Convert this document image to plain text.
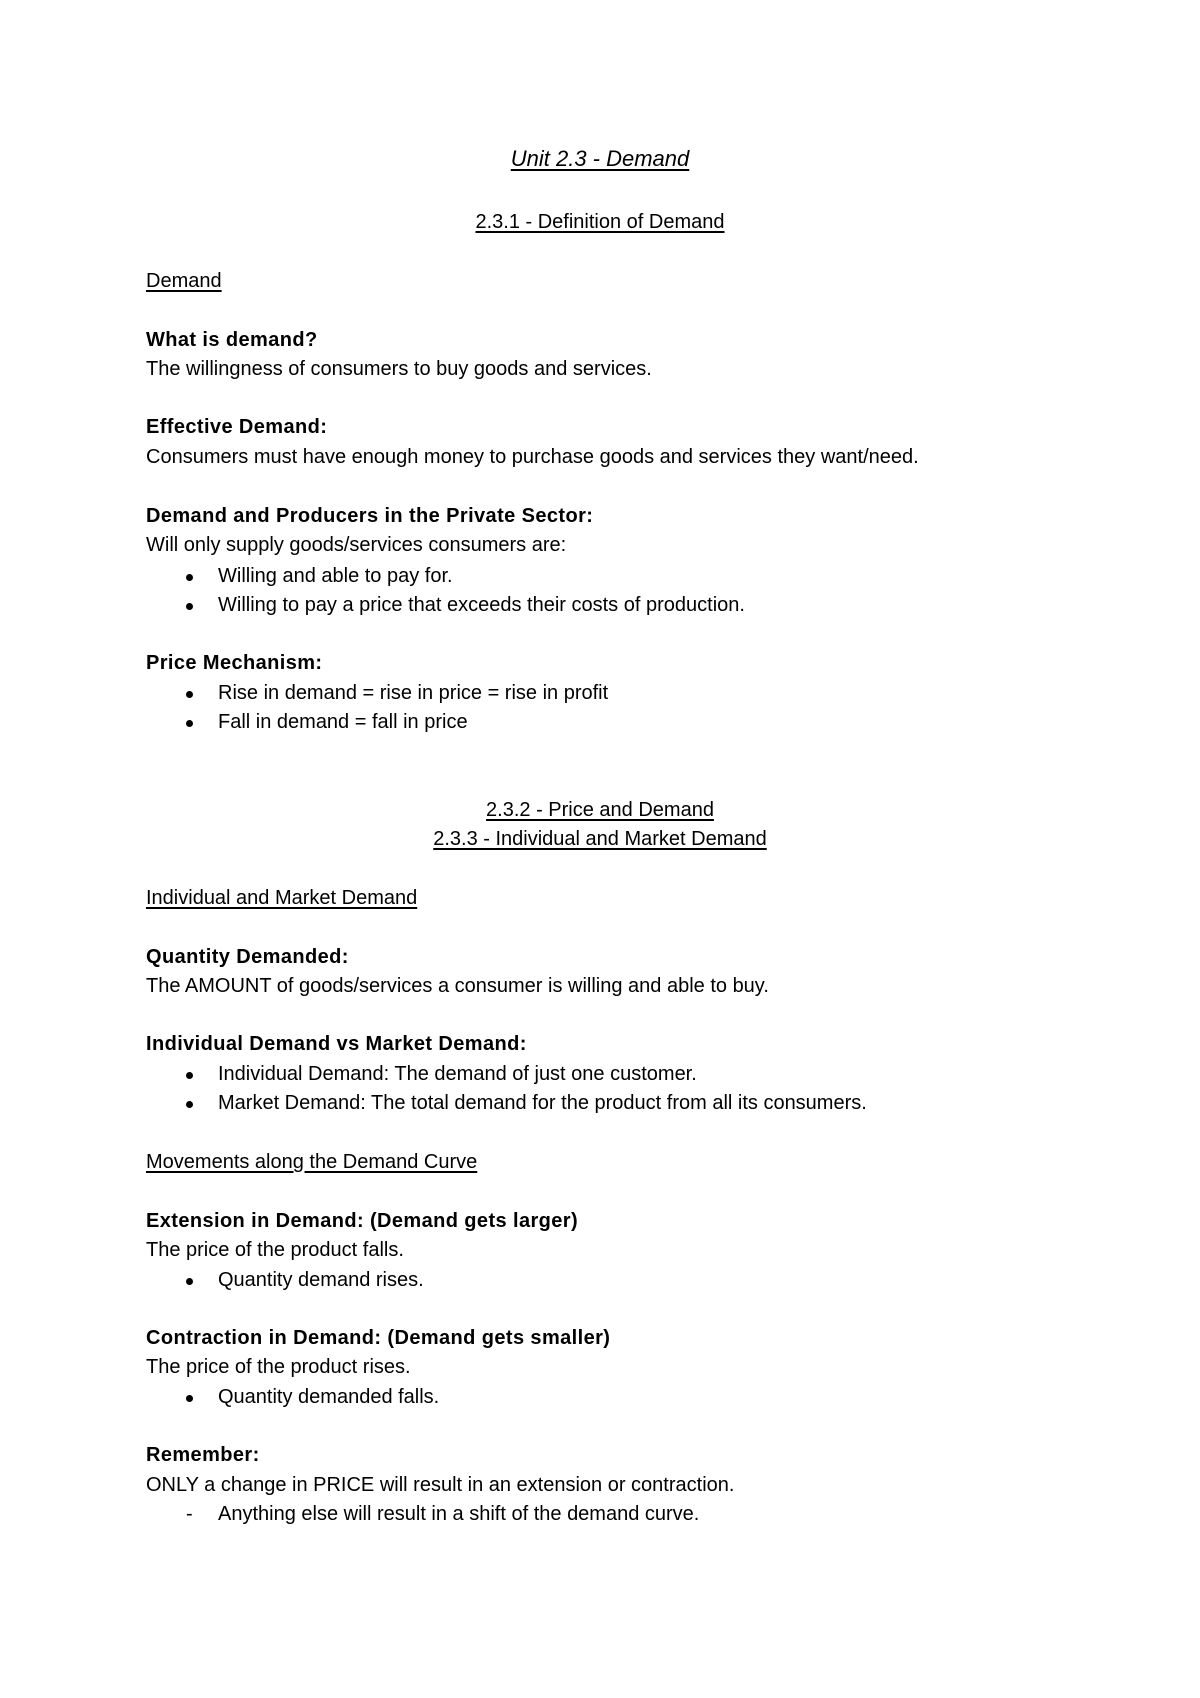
Unit 2.3 - Demand
2.3.1 - Definition of Demand
Demand
What is demand?
The willingness of consumers to buy goods and services.
Effective Demand:
Consumers must have enough money to purchase goods and services they want/need.
Demand and Producers in the Private Sector:
Will only supply goods/services consumers are:
Willing and able to pay for.
Willing to pay a price that exceeds their costs of production.
Price Mechanism:
Rise in demand = rise in price = rise in profit
Fall in demand = fall in price
2.3.2 - Price and Demand
2.3.3 - Individual and Market Demand
Individual and Market Demand
Quantity Demanded:
The AMOUNT of goods/services a consumer is willing and able to buy.
Individual Demand vs Market Demand:
Individual Demand: The demand of just one customer.
Market Demand: The total demand for the product from all its consumers.
Movements along the Demand Curve
Extension in Demand: (Demand gets larger)
The price of the product falls.
Quantity demand rises.
Contraction in Demand: (Demand gets smaller)
The price of the product rises.
Quantity demanded falls.
Remember:
ONLY a change in PRICE will result in an extension or contraction.
- Anything else will result in a shift of the demand curve.
